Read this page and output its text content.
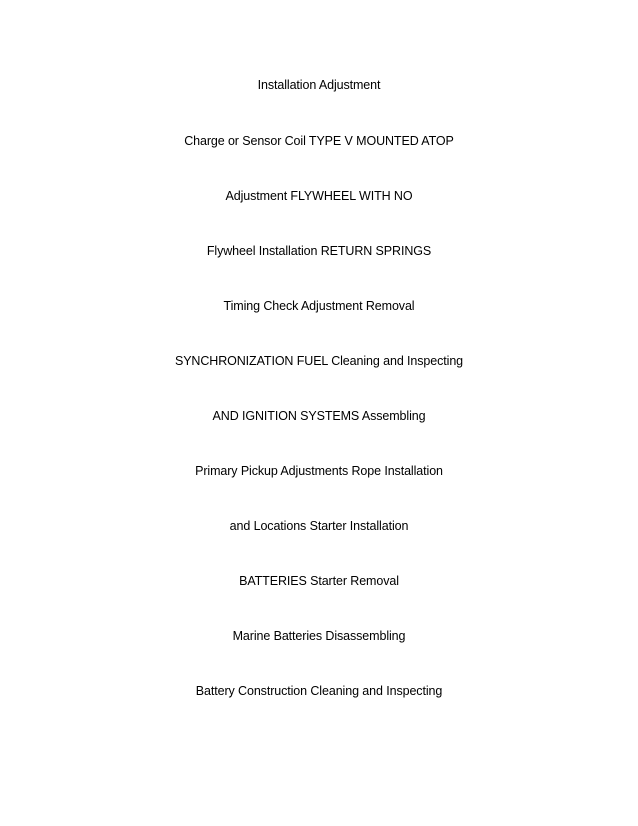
Installation Adjustment
Charge or Sensor Coil TYPE V MOUNTED ATOP
Adjustment FLYWHEEL WITH NO
Flywheel Installation RETURN SPRINGS
Timing Check Adjustment Removal
SYNCHRONIZATION FUEL Cleaning and Inspecting
AND IGNITION SYSTEMS Assembling
Primary Pickup Adjustments Rope Installation
and Locations Starter Installation
BATTERIES Starter Removal
Marine Batteries Disassembling
Battery Construction Cleaning and Inspecting
